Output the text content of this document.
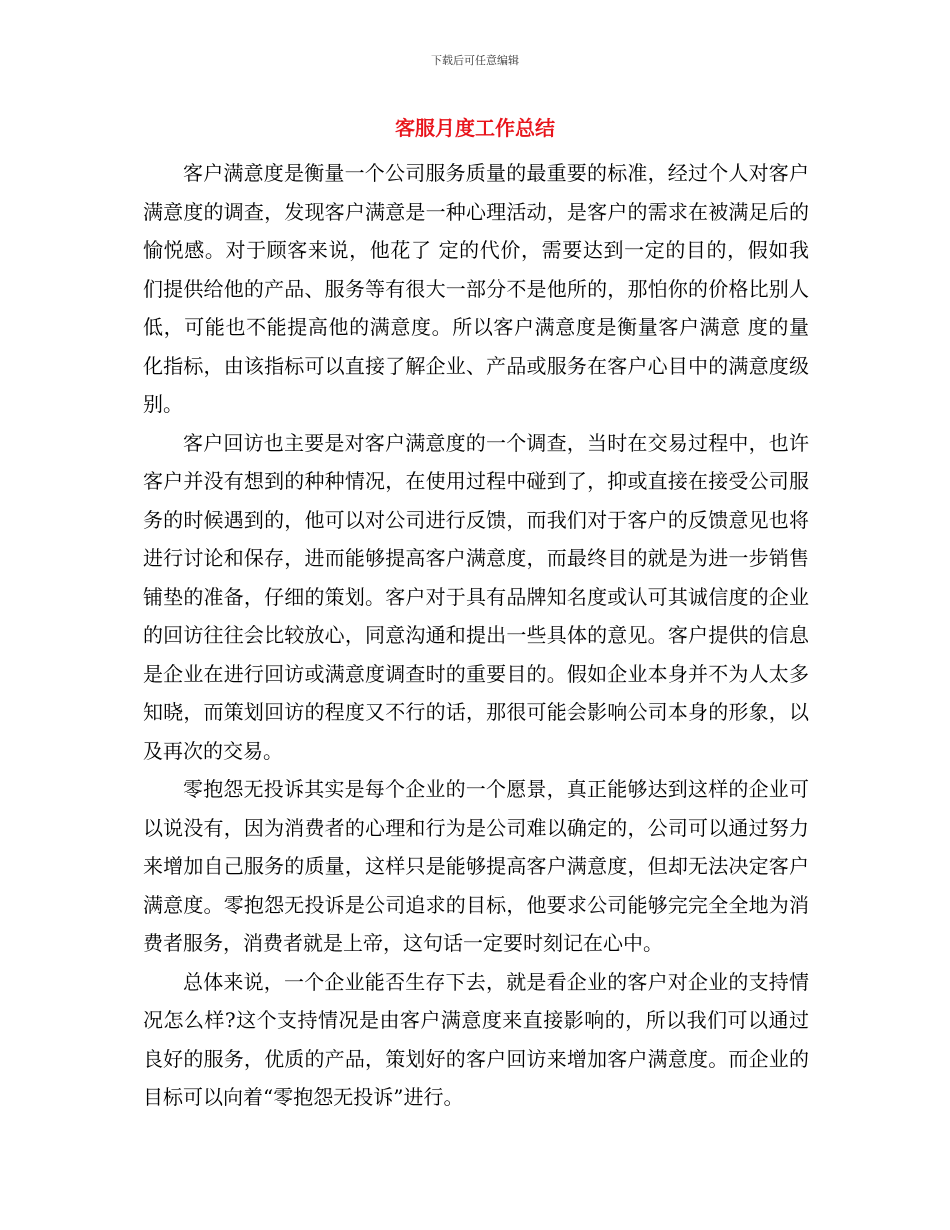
下载后可任意编辑
客服月度工作总结

客户满意度是衡量一个公司服务质量的最重要的标准，经过个人对客户满意度的调查，发现客户满意是一种心理活动，是客户的需求在被满足后的愉悦感。对于顾客来说，他花了 定的代价，需要达到一定的目的，假如我们提供给他的产品、服务等有很大一部分不是他所的，那怕你的价格比别人低，可能也不能提高他的满意度。所以客户满意度是衡量客户满意 度的量化指标，由该指标可以直接了解企业、产品或服务在客户心目中的满意度级别。

客户回访也主要是对客户满意度的一个调查，当时在交易过程中，也许客户并没有想到的种种情况，在使用过程中碰到了，抑或直接在接受公司服务的时候遇到的，他可以对公司进行反馈，而我们对于客户的反馈意见也将进行讨论和保存，进而能够提高客户满意度，而最终目的就是为进一步销售铺垫的准备，仔细的策划。客户对于具有品牌知名度或认可其诚信度的企业的回访往往会比较放心，同意沟通和提出一些具体的意见。客户提供的信息是企业在进行回访或满意度调查时的重要目的。假如企业本身并不为人太多知晓，而策划回访的程度又不行的话，那很可能会影响公司本身的形象，以及再次的交易。

零抱怨无投诉其实是每个企业的一个愿景，真正能够达到这样的企业可以说没有，因为消费者的心理和行为是公司难以确定的，公司可以通过努力来增加自己服务的质量，这样只是能够提高客户满意度，但却无法决定客户满意度。零抱怨无投诉是公司追求的目标，他要求公司能够完完全全地为消费者服务，消费者就是上帝，这句话一定要时刻记在心中。

总体来说，一个企业能否生存下去，就是看企业的客户对企业的支持情况怎么样?这个支持情况是由客户满意度来直接影响的，所以我们可以通过良好的服务，优质的产品，策划好的客户回访来增加客户满意度。而企业的目标可以向着“零抱怨无投诉”进行。
